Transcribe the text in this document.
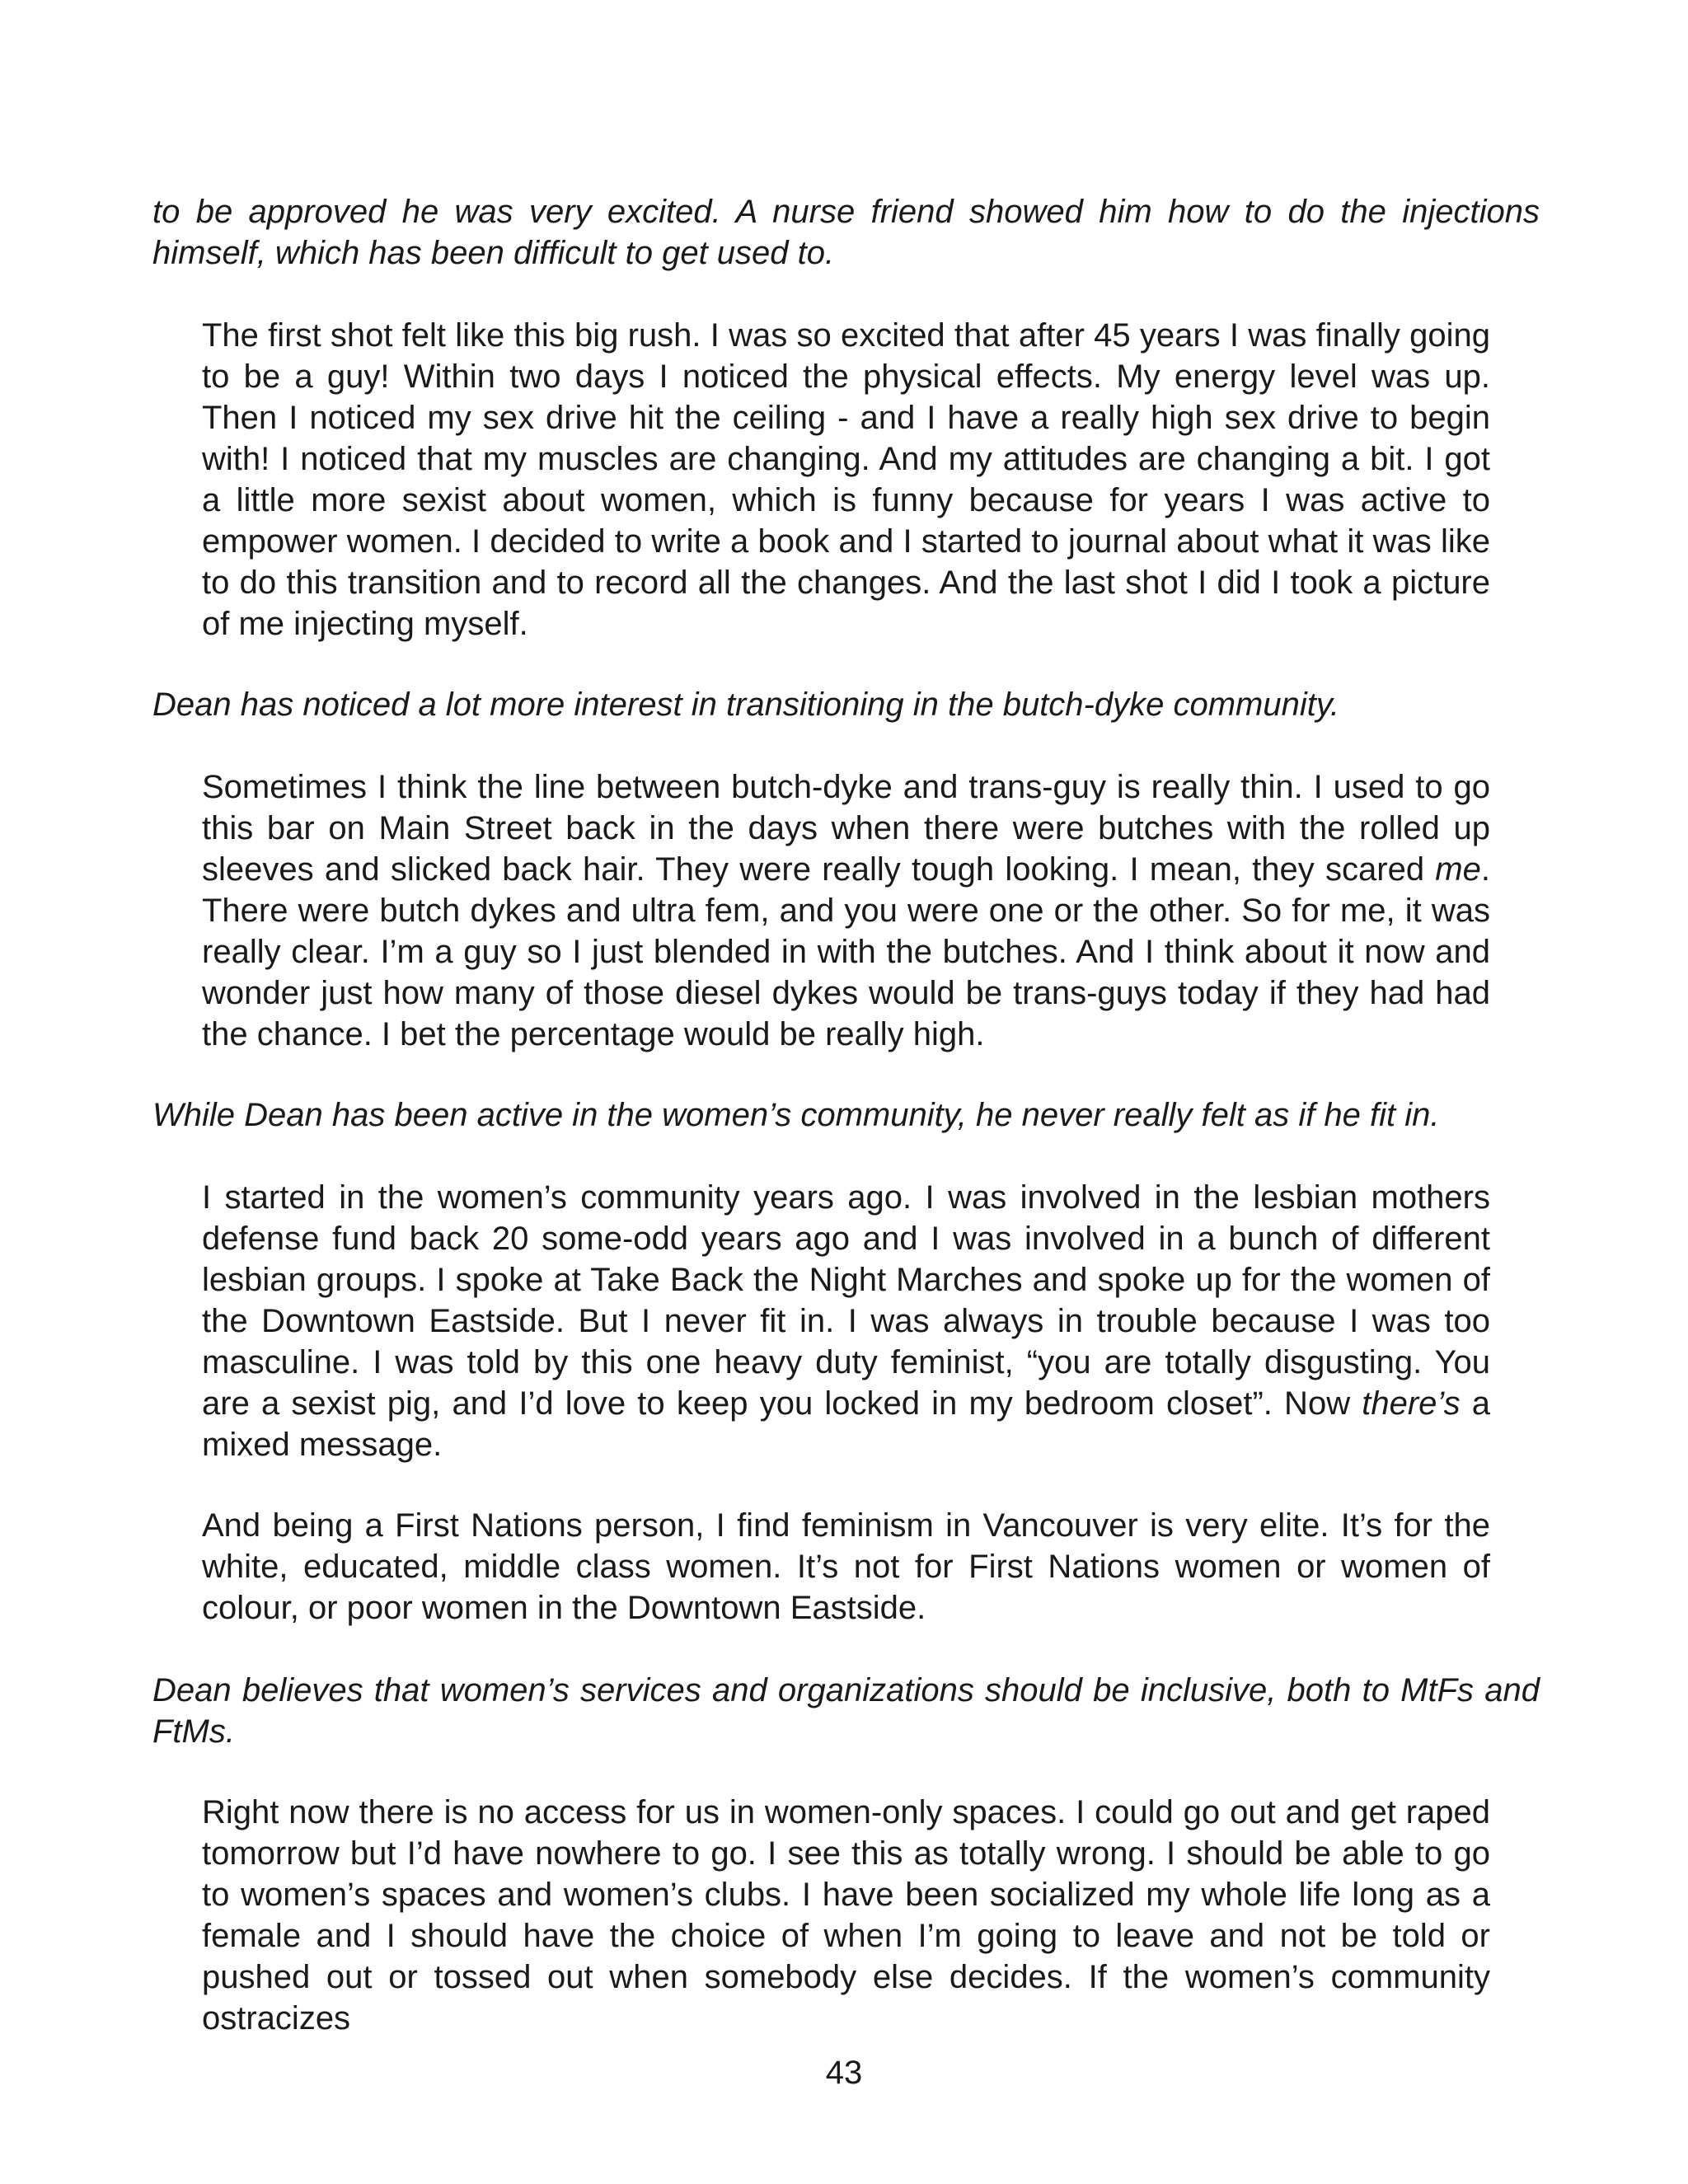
to be approved he was very excited. A nurse friend showed him how to do the injections himself, which has been difficult to get used to.

The first shot felt like this big rush. I was so excited that after 45 years I was finally going to be a guy! Within two days I noticed the physical effects. My energy level was up. Then I noticed my sex drive hit the ceiling - and I have a really high sex drive to begin with! I noticed that my muscles are changing. And my attitudes are changing a bit. I got a little more sexist about women, which is funny because for years I was active to empower women. I decided to write a book and I started to journal about what it was like to do this transition and to record all the changes. And the last shot I did I took a picture of me injecting myself.

Dean has noticed a lot more interest in transitioning in the butch-dyke community.

Sometimes I think the line between butch-dyke and trans-guy is really thin. I used to go this bar on Main Street back in the days when there were butches with the rolled up sleeves and slicked back hair. They were really tough looking. I mean, they scared me. There were butch dykes and ultra fem, and you were one or the other. So for me, it was really clear. I’m a guy so I just blended in with the butches. And I think about it now and wonder just how many of those diesel dykes would be trans-guys today if they had had the chance. I bet the percentage would be really high.

While Dean has been active in the women’s community, he never really felt as if he fit in.

I started in the women’s community years ago. I was involved in the lesbian mothers defense fund back 20 some-odd years ago and I was involved in a bunch of different lesbian groups. I spoke at Take Back the Night Marches and spoke up for the women of the Downtown Eastside. But I never fit in. I was always in trouble because I was too masculine. I was told by this one heavy duty feminist, “you are totally disgusting. You are a sexist pig, and I’d love to keep you locked in my bedroom closet”. Now there’s a mixed message.

And being a First Nations person, I find feminism in Vancouver is very elite. It’s for the white, educated, middle class women. It’s not for First Nations women or women of colour, or poor women in the Downtown Eastside.

Dean believes that women’s services and organizations should be inclusive, both to MtFs and FtMs.

Right now there is no access for us in women-only spaces. I could go out and get raped tomorrow but I’d have nowhere to go. I see this as totally wrong. I should be able to go to women’s spaces and women’s clubs. I have been socialized my whole life long as a female and I should have the choice of when I’m going to leave and not be told or pushed out or tossed out when somebody else decides. If the women’s community ostracizes

43
